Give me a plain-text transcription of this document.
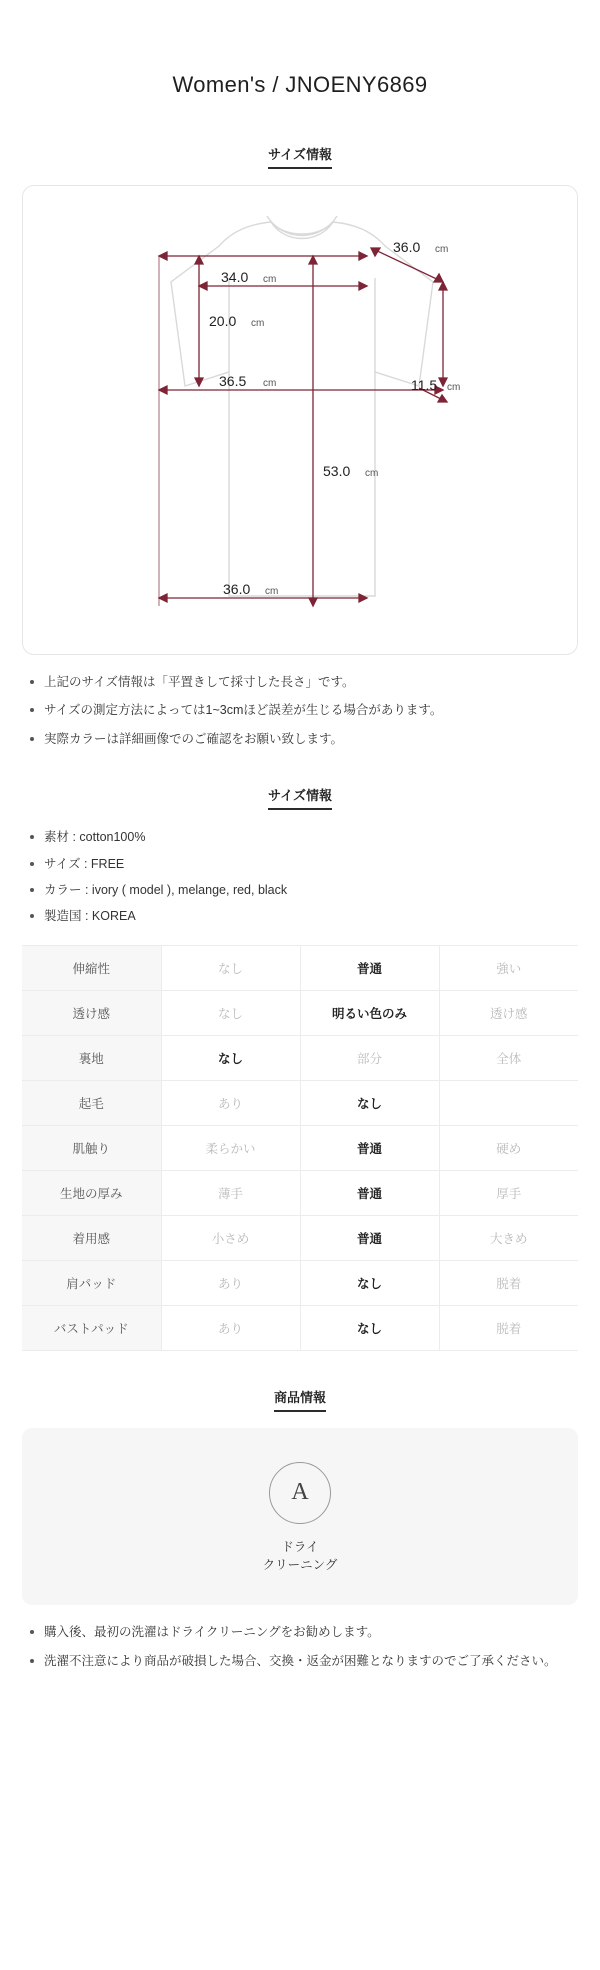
Women's / JNOENY6869
サイズ情報
36.0 cm
34.0 cm
20.0 cm
36.5 cm	11.5 cm
53.0 cm
36.0 cm
上記のサイズ情報は「平置きして採寸した長さ」です。
サイズの測定方法によっては1~3cmほど誤差が生じる場合があります。
実際カラーは詳細画像でのご確認をお願い致します。
サイズ情報
素材 : cotton100%
サイズ : FREE
カラー : ivory ( model ), melange, red, black
製造国 : KOREA
伸縮性	なし	普通	強い
透け感	なし	明るい色のみ	透け感
裏地	なし	部分	全体
起毛	あり	なし	
肌触り	柔らかい	普通	硬め
生地の厚み	薄手	普通	厚手
着用感	小さめ	普通	大きめ
肩パッド	あり	なし	脱着
バストパッド	あり	なし	脱着
商品情報
A
ドライ
クリーニング
購入後、最初の洗濯はドライクリーニングをお勧めします。
洗濯不注意により商品が破損した場合、交換・返金が困難となりますのでご了承ください。
